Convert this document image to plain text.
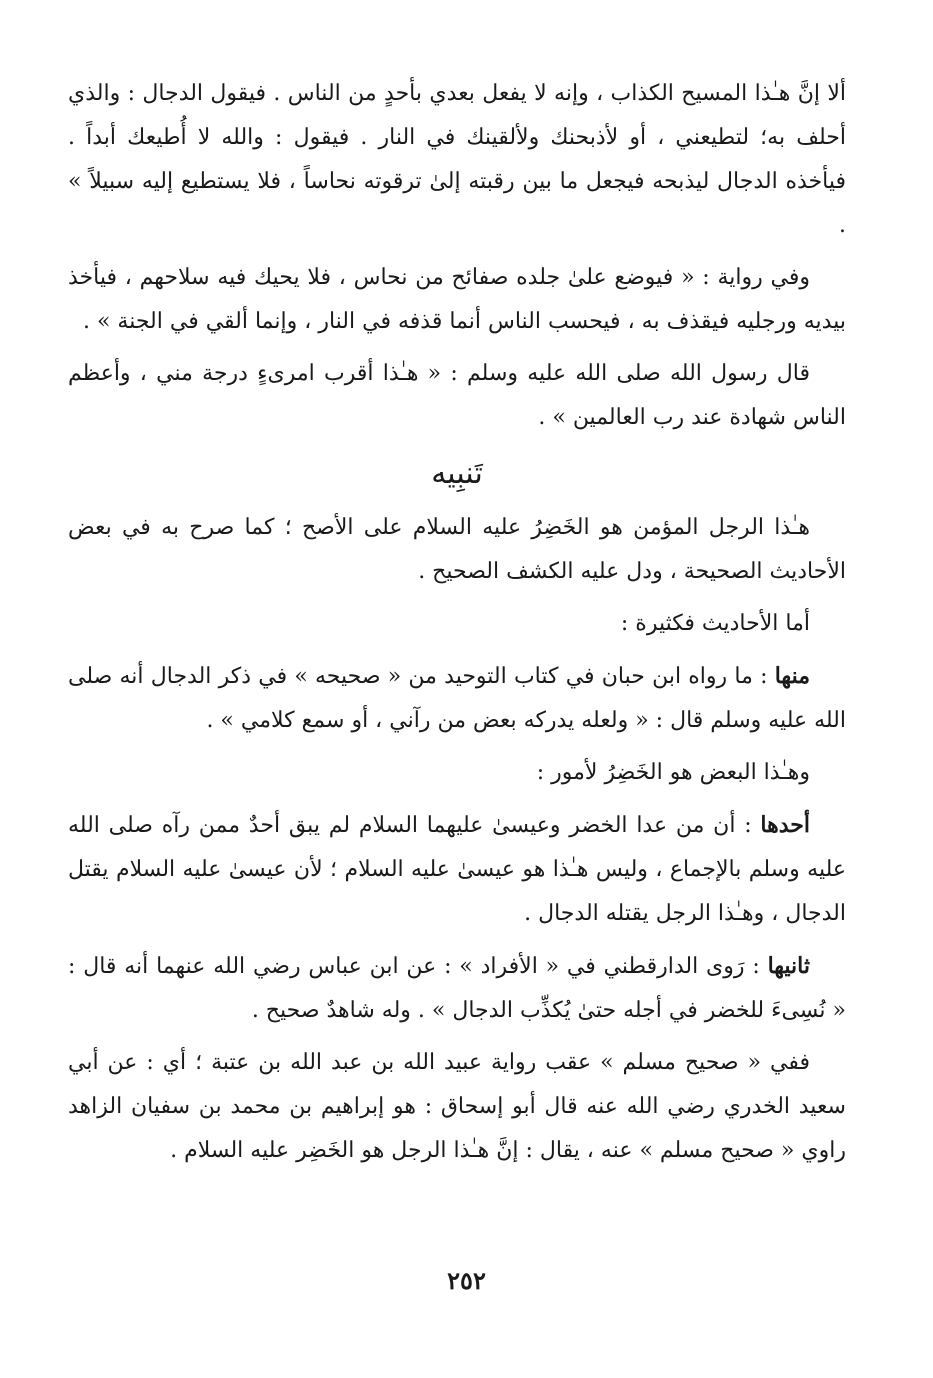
ألا إنَّ هـٰذا المسيح الكذاب ، وإنه لا يفعل بعدي بأحدٍ من الناس . فيقول الدجال : والذي أحلف به؛ لتطيعني ، أو لأذبحنك ولألقينك في النار . فيقول : والله لا أُطيعك أبداً . فيأخذه الدجال ليذبحه فيجعل ما بين رقبته إلىٰ ترقوته نحاساً ، فلا يستطيع إليه سبيلاً » .

وفي رواية : « فيوضع علىٰ جلده صفائح من نحاس ، فلا يحيك فيه سلاحهم ، فيأخذ بيديه ورجليه فيقذف به ، فيحسب الناس أنما قذفه في النار ، وإنما ألقي في الجنة » .

قال رسول الله صلى الله عليه وسلم : « هـٰذا أقرب امرىءٍ درجة مني ، وأعظم الناس شهادة عند رب العالمين » .

تَنبِيه

هـٰذا الرجل المؤمن هو الخَضِرُ عليه السلام على الأصح ؛ كما صرح به في بعض الأحاديث الصحيحة ، ودل عليه الكشف الصحيح .

أما الأحاديث فكثيرة :

منها : ما رواه ابن حبان في كتاب التوحيد من « صحيحه » في ذكر الدجال أنه صلى الله عليه وسلم قال : « ولعله يدركه بعض من رآني ، أو سمع كلامي » .

وهـٰذا البعض هو الخَضِرُ لأمور :

أحدها : أن من عدا الخضر وعيسىٰ عليهما السلام لم يبق أحدٌ ممن رآه صلى الله عليه وسلم بالإجماع ، وليس هـٰذا هو عيسىٰ عليه السلام ؛ لأن عيسىٰ عليه السلام يقتل الدجال ، وهـٰذا الرجل يقتله الدجال .

ثانيها : رَوى الدارقطني في « الأفراد » : عن ابن عباس رضي الله عنهما أنه قال : « نُسِىءَ للخضر في أجله حتىٰ يُكذِّب الدجال » . وله شاهدٌ صحيح .

ففي « صحيح مسلم » عقب رواية عبيد الله بن عبد الله بن عتبة ؛ أي : عن أبي سعيد الخدري رضي الله عنه قال أبو إسحاق : هو إبراهيم بن محمد بن سفيان الزاهد راوي « صحيح مسلم » عنه ، يقال : إنَّ هـٰذا الرجل هو الخَضِر عليه السلام .

٢٥٢
